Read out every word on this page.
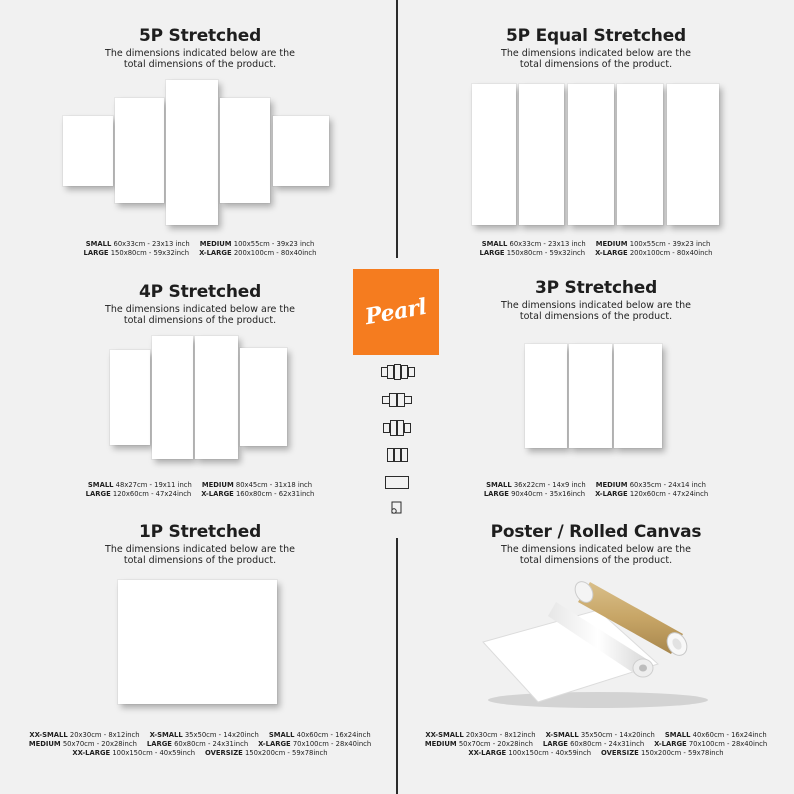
5P Stretched
The dimensions indicated below are the
total dimensions of the product.
SMALL 60x33cm - 23x13 inch MEDIUM 100x55cm - 39x23 inch
LARGE 150x80cm - 59x32inch X-LARGE 200x100cm - 80x40inch
5P Equal Stretched
The dimensions indicated below are the
total dimensions of the product.
SMALL 60x33cm - 23x13 inch MEDIUM 100x55cm - 39x23 inch
LARGE 150x80cm - 59x32inch X-LARGE 200x100cm - 80x40inch
Pearl
4P Stretched
The dimensions indicated below are the
total dimensions of the product.
SMALL 48x27cm - 19x11 inch MEDIUM 80x45cm - 31x18 inch
LARGE 120x60cm - 47x24inch X-LARGE 160x80cm - 62x31inch
3P Stretched
The dimensions indicated below are the
total dimensions of the product.
SMALL 36x22cm - 14x9 inch MEDIUM 60x35cm - 24x14 inch
LARGE 90x40cm - 35x16inch X-LARGE 120x60cm - 47x24inch
1P Stretched
The dimensions indicated below are the
total dimensions of the product.
XX-SMALL 20x30cm - 8x12inch X-SMALL 35x50cm - 14x20inch SMALL 40x60cm - 16x24inch
MEDIUM 50x70cm - 20x28inch LARGE 60x80cm - 24x31inch X-LARGE 70x100cm - 28x40inch
XX-LARGE 100x150cm - 40x59inch OVERSIZE 150x200cm - 59x78inch
Poster / Rolled Canvas
The dimensions indicated below are the
total dimensions of the product.
XX-SMALL 20x30cm - 8x12inch X-SMALL 35x50cm - 14x20inch SMALL 40x60cm - 16x24inch
MEDIUM 50x70cm - 20x28inch LARGE 60x80cm - 24x31inch X-LARGE 70x100cm - 28x40inch
XX-LARGE 100x150cm - 40x59inch OVERSIZE 150x200cm - 59x78inch
